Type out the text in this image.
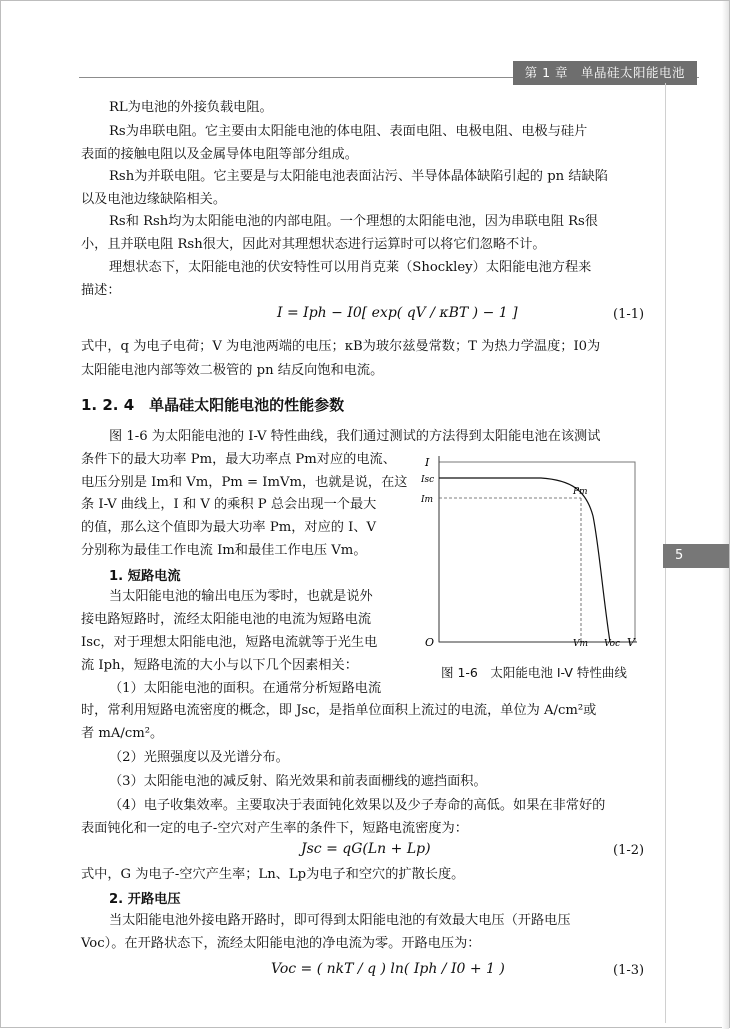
第 1 章　单晶硅太阳能电池
5
RL为电池的外接负载电阻。
Rs为串联电阻。它主要由太阳能电池的体电阻、表面电阻、电极电阻、电极与硅片
表面的接触电阻以及金属导体电阻等部分组成。
Rsh为并联电阻。它主要是与太阳能电池表面沾污、半导体晶体缺陷引起的 pn 结缺陷
以及电池边缘缺陷相关。
Rs和 Rsh均为太阳能电池的内部电阻。一个理想的太阳能电池，因为串联电阻 Rs很
小，且并联电阻 Rsh很大，因此对其理想状态进行运算时可以将它们忽略不计。
理想状态下，太阳能电池的伏安特性可以用肖克莱（Shockley）太阳能电池方程来
描述：
I = Iph − I0[ exp( qV / κBT ) − 1 ]	(1-1)
式中，q 为电子电荷；V 为电池两端的电压；κB为玻尔兹曼常数；T 为热力学温度；I0为
太阳能电池内部等效二极管的 pn 结反向饱和电流。
1. 2. 4　单晶硅太阳能电池的性能参数
图 1-6 为太阳能电池的 I-V 特性曲线，我们通过测试的方法得到太阳能电池在该测试
条件下的最大功率 Pm，最大功率点 Pm对应的电流、
电压分别是 Im和 Vm，Pm = ImVm，也就是说，在这
条 I-V 曲线上，I 和 V 的乘积 P 总会出现一个最大
的值，那么这个值即为最大功率 Pm，对应的 I、V
分别称为最佳工作电流 Im和最佳工作电压 Vm。
1. 短路电流
当太阳能电池的输出电压为零时，也就是说外
接电路短路时，流经太阳能电池的电流为短路电流
Isc，对于理想太阳能电池，短路电流就等于光生电
流 Iph，短路电流的大小与以下几个因素相关：
（1）太阳能电池的面积。在通常分析短路电流
时，常利用短路电流密度的概念，即 Jsc，是指单位面积上流过的电流，单位为 A/cm²或
者 mA/cm²。
（2）光照强度以及光谱分布。
（3）太阳能电池的减反射、陷光效果和前表面栅线的遮挡面积。
（4）电子收集效率。主要取决于表面钝化效果以及少子寿命的高低。如果在非常好的
表面钝化和一定的电子-空穴对产生率的条件下，短路电流密度为：
Jsc = qG(Ln + Lp)	(1-2)
式中，G 为电子-空穴产生率；Ln、Lp为电子和空穴的扩散长度。
2. 开路电压
当太阳能电池外接电路开路时，即可得到太阳能电池的有效最大电压（开路电压
Voc）。在开路状态下，流经太阳能电池的净电流为零。开路电压为：
Voc = ( nkT / q ) ln( Iph / I0 + 1 )	(1-3)
I
Isc
Im
Pm
O	Vm Voc V
图 1-6　太阳能电池 I-V 特性曲线
